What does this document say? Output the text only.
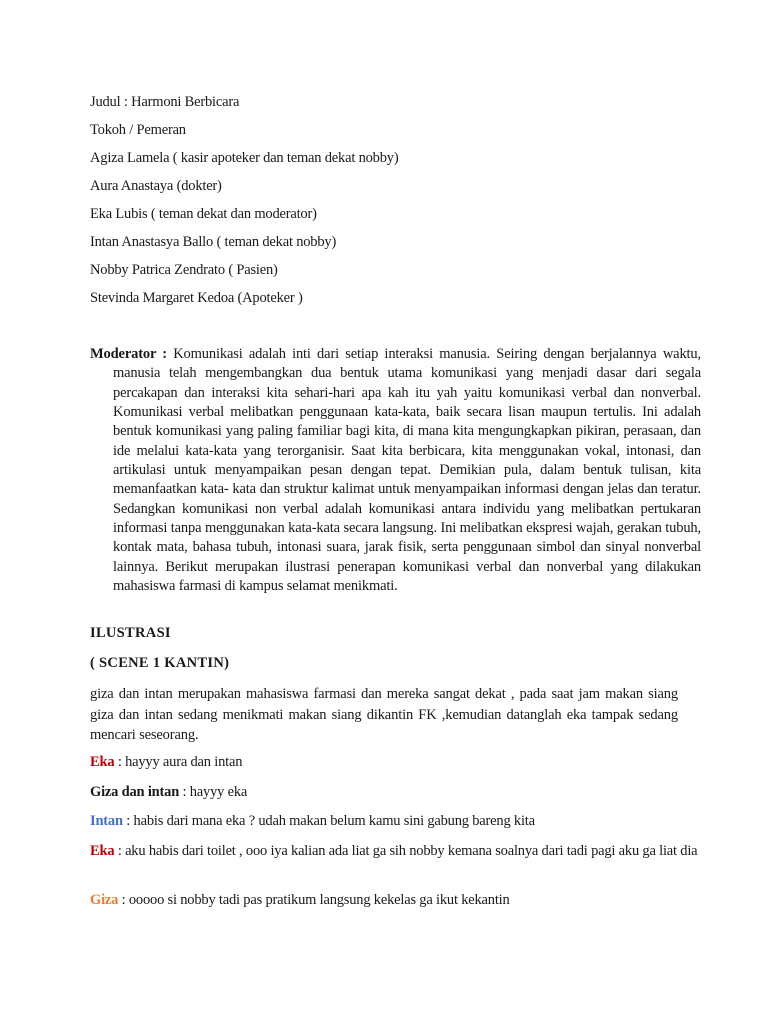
Judul : Harmoni Berbicara
Tokoh / Pemeran
Agiza Lamela ( kasir apoteker dan teman dekat nobby)
Aura Anastaya (dokter)
Eka Lubis ( teman dekat dan moderator)
Intan Anastasya Ballo ( teman dekat nobby)
Nobby Patrica Zendrato ( Pasien)
Stevinda Margaret Kedoa (Apoteker )
Moderator : Komunikasi adalah inti dari setiap interaksi manusia. Seiring dengan berjalannya waktu, manusia telah mengembangkan dua bentuk utama komunikasi yang menjadi dasar dari segala percakapan dan interaksi kita sehari-hari apa kah itu yah yaitu komunikasi verbal dan nonverbal. Komunikasi verbal melibatkan penggunaan kata-kata, baik secara lisan maupun tertulis. Ini adalah bentuk komunikasi yang paling familiar bagi kita, di mana kita mengungkapkan pikiran, perasaan, dan ide melalui kata-kata yang terorganisir. Saat kita berbicara, kita menggunakan vokal, intonasi, dan artikulasi untuk menyampaikan pesan dengan tepat. Demikian pula, dalam bentuk tulisan, kita memanfaatkan kata- kata dan struktur kalimat untuk menyampaikan informasi dengan jelas dan teratur. Sedangkan komunikasi non verbal adalah komunikasi antara individu yang melibatkan pertukaran informasi tanpa menggunakan kata-kata secara langsung. Ini melibatkan ekspresi wajah, gerakan tubuh, kontak mata, bahasa tubuh, intonasi suara, jarak fisik, serta penggunaan simbol dan sinyal nonverbal lainnya. Berikut merupakan ilustrasi penerapan komunikasi verbal dan nonverbal yang dilakukan mahasiswa farmasi di kampus selamat menikmati.
ILUSTRASI
( SCENE 1 KANTIN)
giza dan intan merupakan mahasiswa farmasi dan mereka sangat dekat , pada saat jam makan siang giza dan intan sedang menikmati makan siang dikantin FK ,kemudian datanglah eka tampak sedang mencari seseorang.
Eka : hayyy aura dan intan
Giza dan intan : hayyy eka
Intan : habis dari mana eka ? udah makan belum kamu sini gabung bareng kita
Eka : aku habis dari toilet , ooo iya kalian ada liat ga sih nobby kemana soalnya dari tadi pagi aku ga liat dia
Giza : ooooo si nobby tadi pas pratikum langsung kekelas ga ikut kekantin
